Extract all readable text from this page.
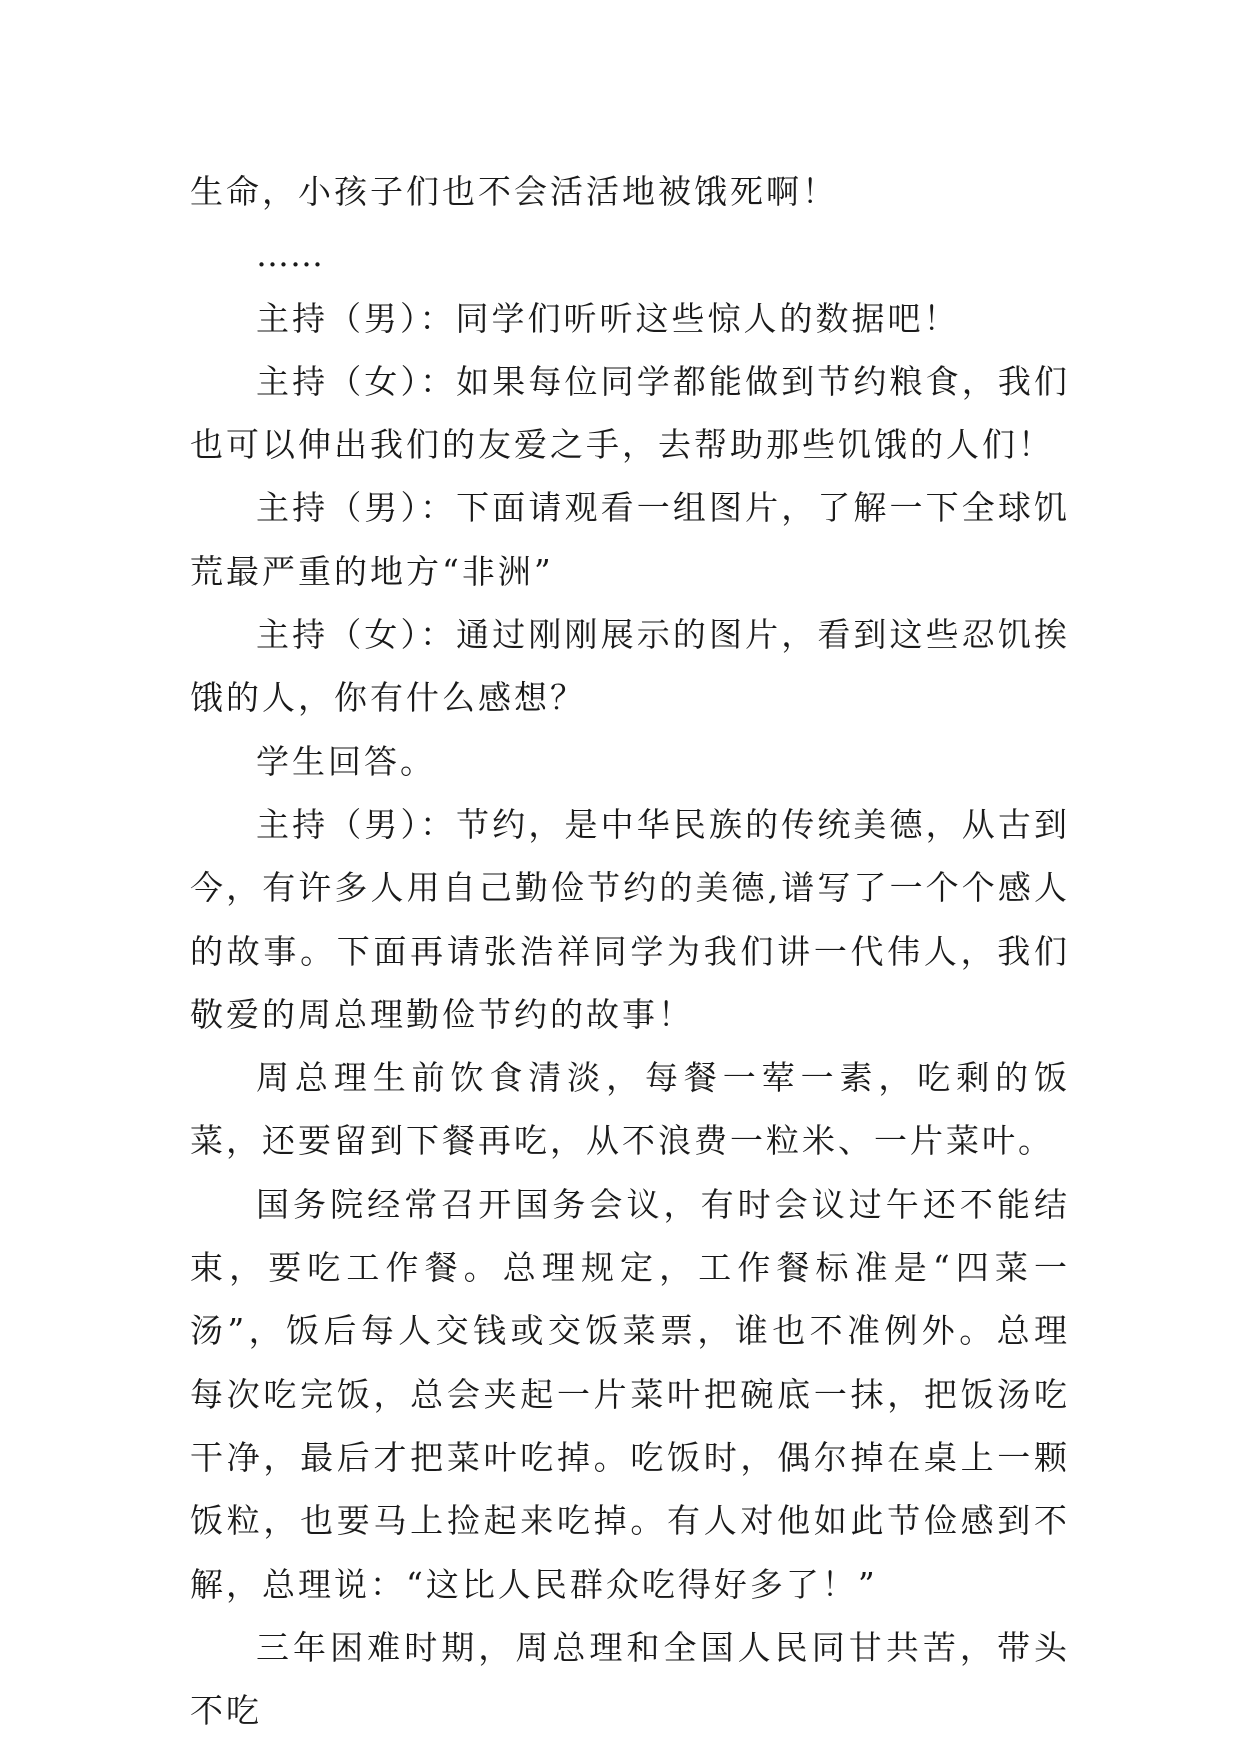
生命，小孩子们也不会活活地被饿死啊！

……

主持（男）：同学们听听这些惊人的数据吧！

主持（女）：如果每位同学都能做到节约粮食，我们也可以伸出我们的友爱之手，去帮助那些饥饿的人们！

主持（男）：下面请观看一组图片，了解一下全球饥荒最严重的地方“非洲”

主持（女）：通过刚刚展示的图片，看到这些忍饥挨饿的人，你有什么感想？

学生回答。

主持（男）：节约，是中华民族的传统美德，从古到今，有许多人用自己勤俭节约的美德,谱写了一个个感人的故事。下面再请张浩祥同学为我们讲一代伟人，我们敬爱的周总理勤俭节约的故事！

周总理生前饮食清淡，每餐一荤一素，吃剩的饭菜，还要留到下餐再吃，从不浪费一粒米、一片菜叶。

国务院经常召开国务会议，有时会议过午还不能结束，要吃工作餐。总理规定，工作餐标准是“四菜一汤”，饭后每人交钱或交饭菜票，谁也不准例外。总理每次吃完饭，总会夹起一片菜叶把碗底一抹，把饭汤吃干净，最后才把菜叶吃掉。吃饭时，偶尔掉在桌上一颗饭粒，也要马上捡起来吃掉。有人对他如此节俭感到不解，总理说：“这比人民群众吃得好多了！”

三年困难时期，周总理和全国人民同甘共苦，带头不吃
